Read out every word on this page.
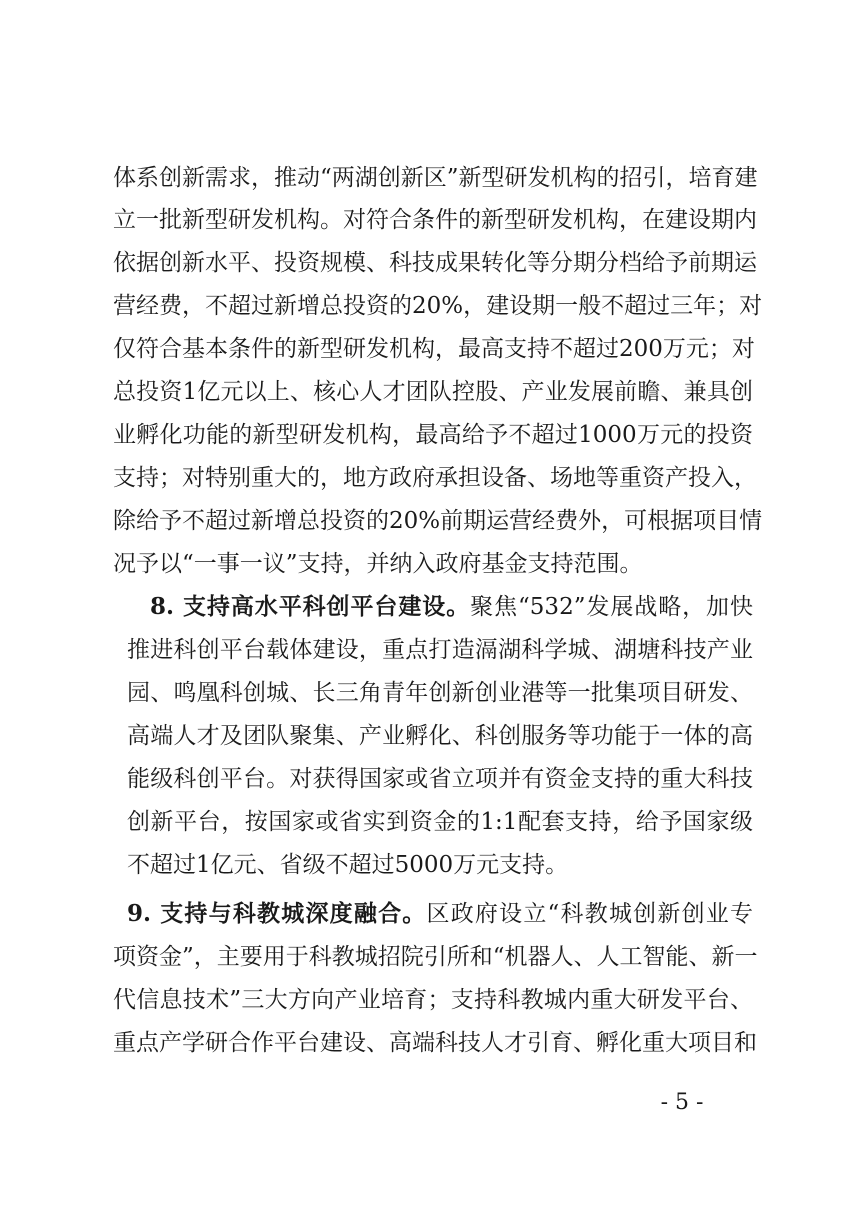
体系创新需求，推动“两湖创新区”新型研发机构的招引，培育建
立一批新型研发机构。对符合条件的新型研发机构，在建设期内
依据创新水平、投资规模、科技成果转化等分期分档给予前期运
营经费，不超过新增总投资的20%，建设期一般不超过三年；对
仅符合基本条件的新型研发机构，最高支持不超过200万元；对
总投资1亿元以上、核心人才团队控股、产业发展前瞻、兼具创
业孵化功能的新型研发机构，最高给予不超过1000万元的投资
支持；对特别重大的，地方政府承担设备、场地等重资产投入，
除给予不超过新增总投资的20%前期运营经费外，可根据项目情
况予以“一事一议”支持，并纳入政府基金支持范围。
8. 支持高水平科创平台建设。聚焦“532”发展战略，加快
推进科创平台载体建设，重点打造滆湖科学城、湖塘科技产业
园、鸣凰科创城、长三角青年创新创业港等一批集项目研发、
高端人才及团队聚集、产业孵化、科创服务等功能于一体的高
能级科创平台。对获得国家或省立项并有资金支持的重大科技
创新平台，按国家或省实到资金的1:1配套支持，给予国家级
不超过1亿元、省级不超过5000万元支持。
9. 支持与科教城深度融合。区政府设立“科教城创新创业专
项资金”，主要用于科教城招院引所和“机器人、人工智能、新一
代信息技术”三大方向产业培育；支持科教城内重大研发平台、
重点产学研合作平台建设、高端科技人才引育、孵化重大项目和
- 5 -
